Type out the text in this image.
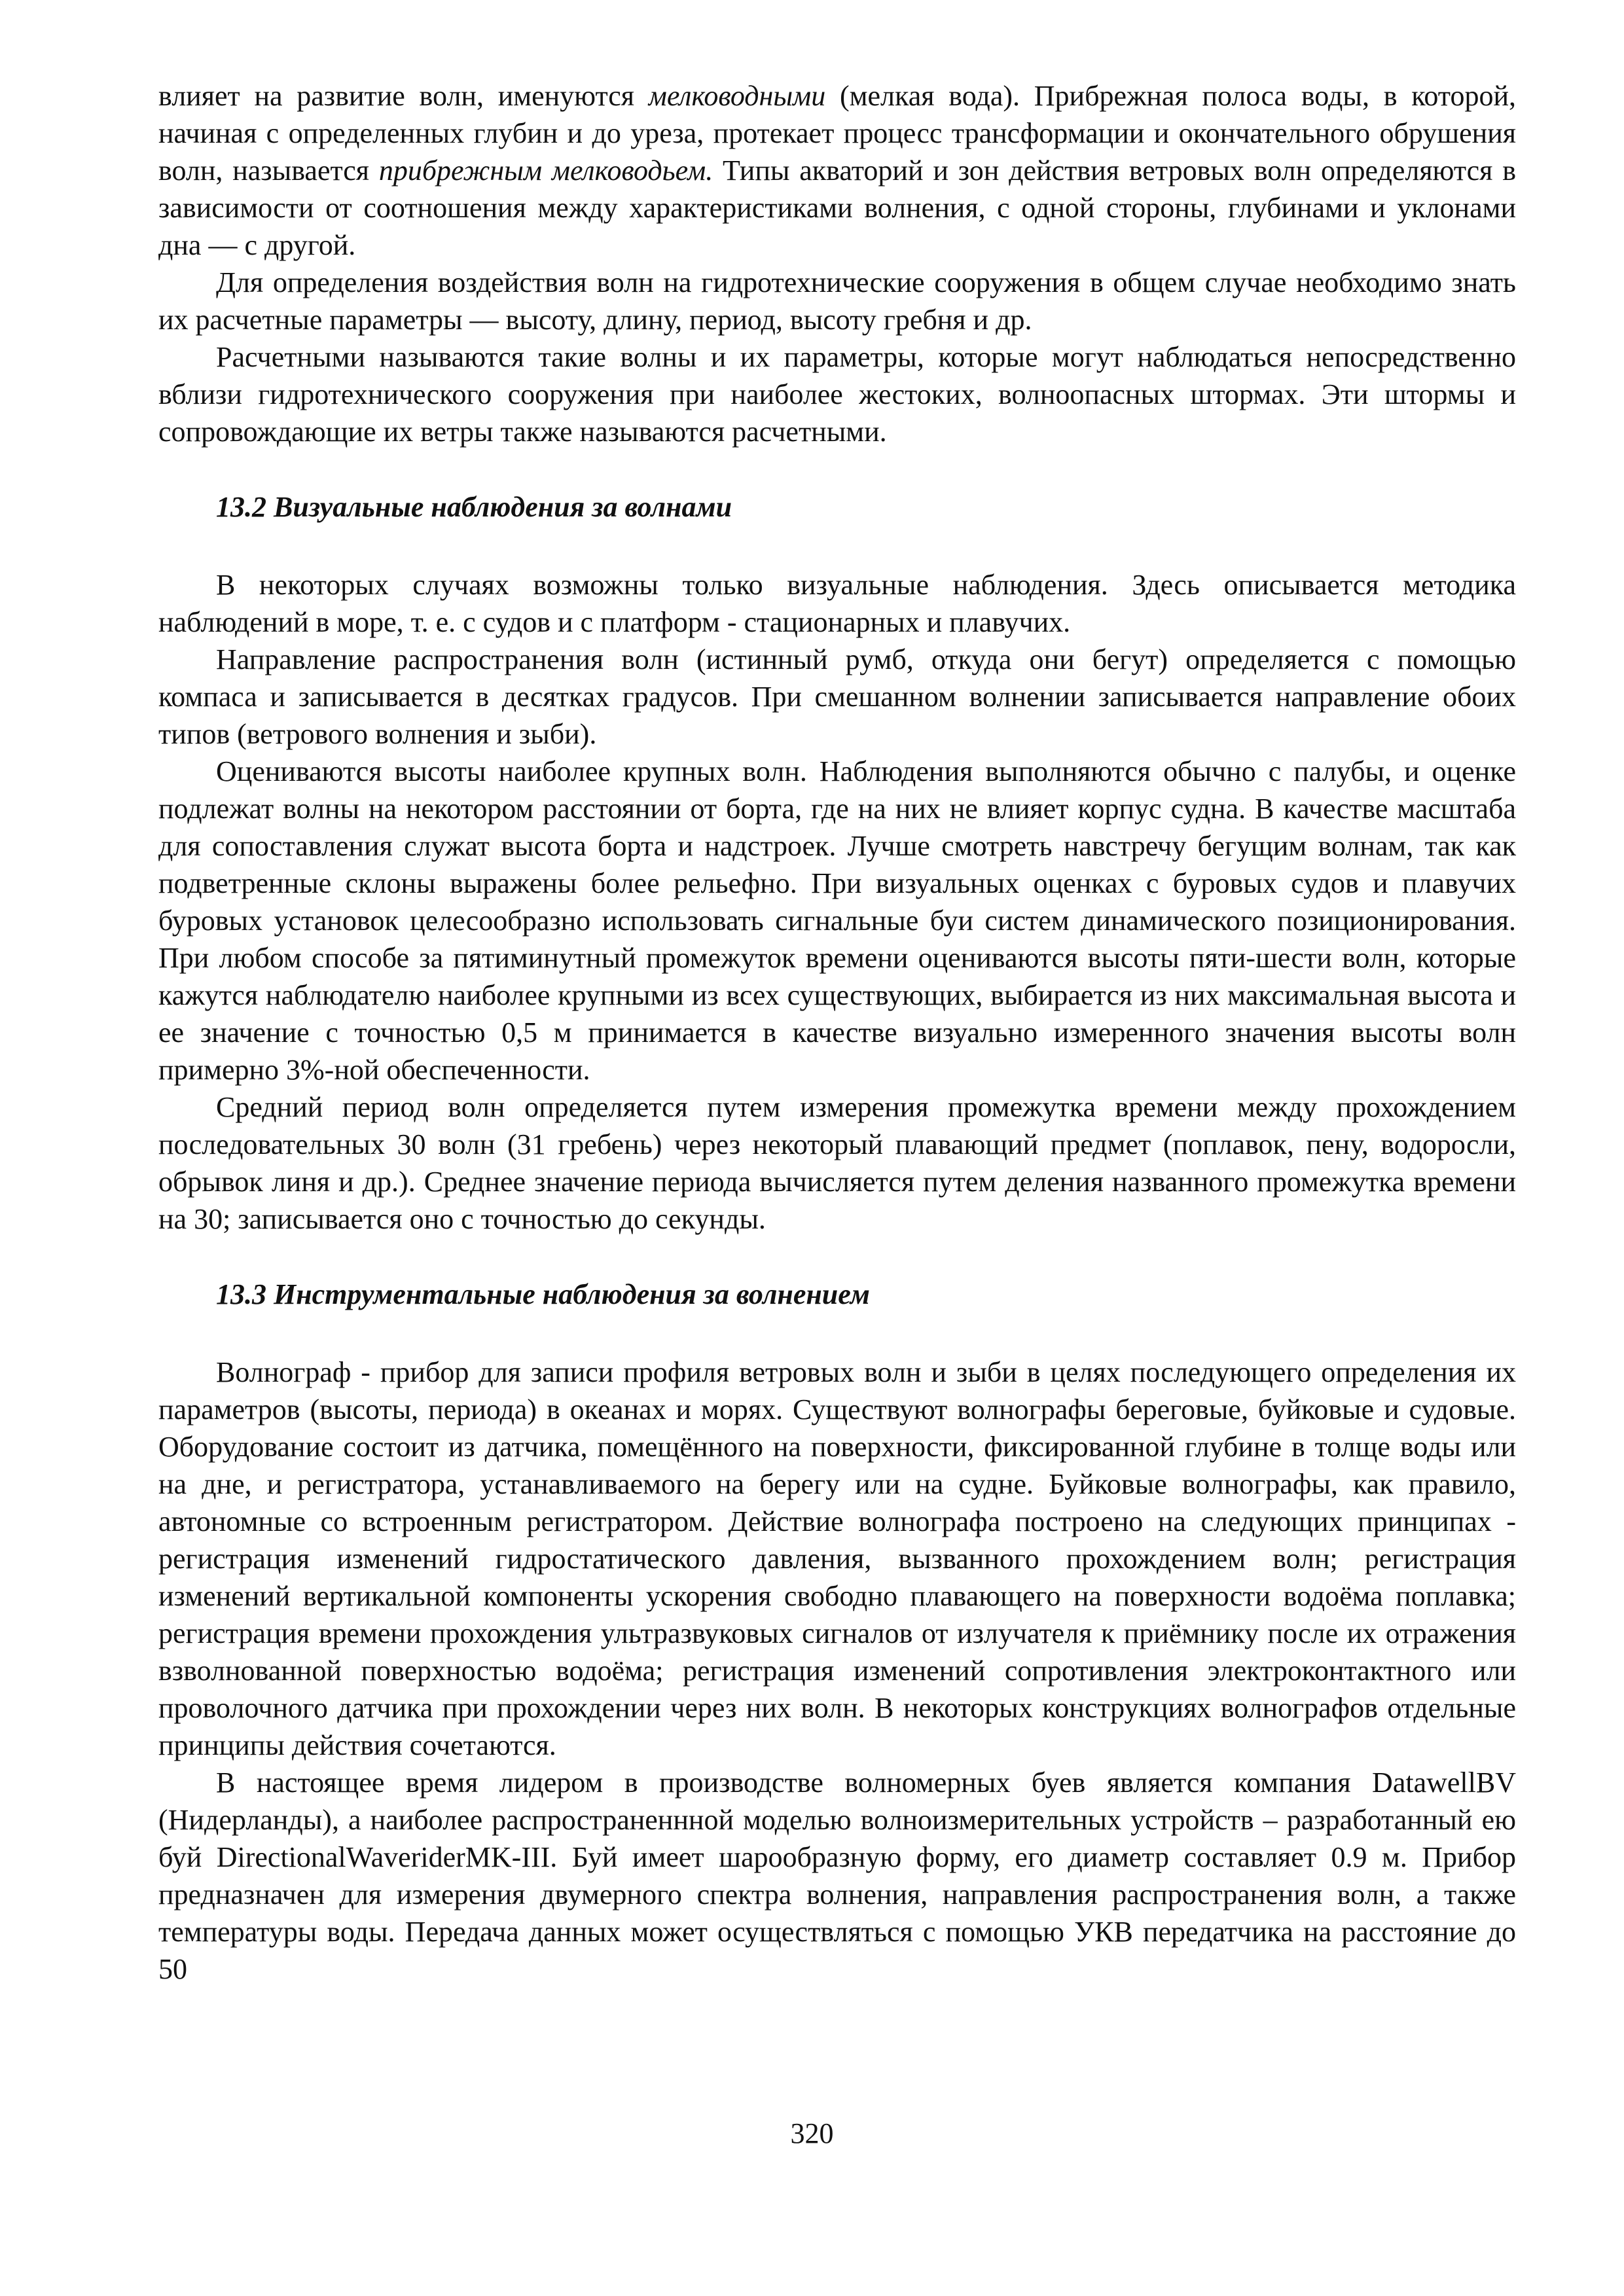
влияет на развитие волн, именуются мелководными (мелкая вода). Прибрежная полоса воды, в которой, начиная с определенных глубин и до уреза, протекает процесс трансформации и окончательного обрушения волн, называется прибрежным мелководьем. Типы акваторий и зон действия ветровых волн определяются в зависимости от соотношения между характеристиками волнения, с одной стороны, глубинами и уклонами дна — с другой.

Для определения воздействия волн на гидротехнические сооружения в общем случае необходимо знать их расчетные параметры — высоту, длину, период, высоту гребня и др.

Расчетными называются такие волны и их параметры, которые могут наблюдаться непосредственно вблизи гидротехнического сооружения при наиболее жестоких, волноопасных штормах. Эти штормы и сопровождающие их ветры также называются расчетными.

13.2 Визуальные наблюдения за волнами

В некоторых случаях возможны только визуальные наблюдения. Здесь описывается методика наблюдений в море, т. е. с судов и с платформ - стационарных и плавучих.

Направление распространения волн (истинный румб, откуда они бегут) определяется с помощью компаса и записывается в десятках градусов. При смешанном волнении записывается направление обоих типов (ветрового волнения и зыби).

Оцениваются высоты наиболее крупных волн. Наблюдения выполняются обычно с палубы, и оценке подлежат волны на некотором расстоянии от борта, где на них не влияет корпус судна. В качестве масштаба для сопоставления служат высота борта и надстроек. Лучше смотреть навстречу бегущим волнам, так как подветренные склоны выражены более рельефно. При визуальных оценках с буровых судов и плавучих буровых установок целесообразно использовать сигнальные буи систем динамического позиционирования. При любом способе за пятиминутный промежуток времени оцениваются высоты пяти-шести волн, которые кажутся наблюдателю наиболее крупными из всех существующих, выбирается из них максимальная высота и ее значение с точностью 0,5 м принимается в качестве визуально измеренного значения высоты волн примерно 3%-ной обеспеченности.

Средний период волн определяется путем измерения промежутка времени между прохождением последовательных 30 волн (31 гребень) через некоторый плавающий предмет (поплавок, пену, водоросли, обрывок линя и др.). Среднее значение периода вычисляется путем деления названного промежутка времени на 30; записывается оно с точностью до секунды.

13.3 Инструментальные наблюдения за волнением

Волнограф - прибор для записи профиля ветровых волн и зыби в целях последующего определения их параметров (высоты, периода) в океанах и морях. Существуют волнографы береговые, буйковые и судовые. Оборудование состоит из датчика, помещённого на поверхности, фиксированной глубине в толще воды или на дне, и регистратора, устанавливаемого на берегу или на судне. Буйковые волнографы, как правило, автономные со встроенным регистратором. Действие волнографа построено на следующих принципах - регистрация изменений гидростатического давления, вызванного прохождением волн; регистрация изменений вертикальной компоненты ускорения свободно плавающего на поверхности водоёма поплавка; регистрация времени прохождения ультразвуковых сигналов от излучателя к приёмнику после их отражения взволнованной поверхностью водоёма; регистрация изменений сопротивления электроконтактного или проволочного датчика при прохождении через них волн. В некоторых конструкциях волнографов отдельные принципы действия сочетаются.

В настоящее время лидером в производстве волномерных буев является компания DatawellBV (Нидерланды), а наиболее распространеннной моделью волноизмерительных устройств – разработанный ею буй DirectionalWaveriderMK-III. Буй имеет шарообразную форму, его диаметр составляет 0.9 м. Прибор предназначен для измерения двумерного спектра волнения, направления распространения волн, а также температуры воды. Передача данных может осуществляться с помощью УКВ передатчика на расстояние до 50

320
